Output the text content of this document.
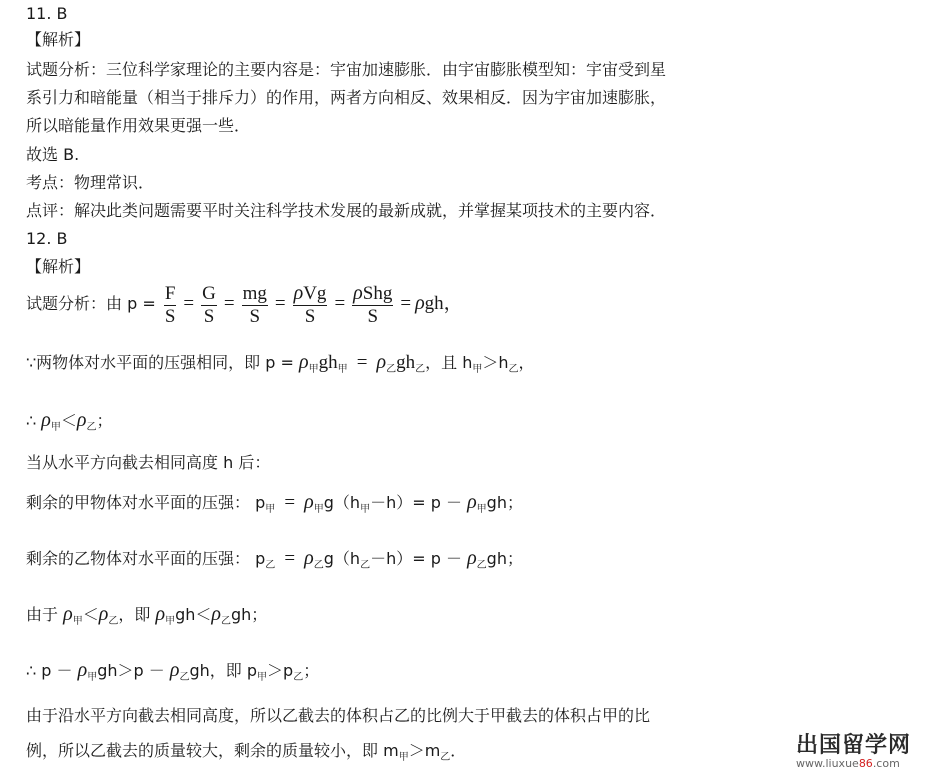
11. B
【解析】
试题分析：三位科学家理论的主要内容是：宇宙加速膨胀．由宇宙膨胀模型知：宇宙受到星
系引力和暗能量（相当于排斥力）的作用，两者方向相反、效果相反．因为宇宙加速膨胀，
所以暗能量作用效果更强一些．
故选 B.
考点：物理常识．
点评：解决此类问题需要平时关注科学技术发展的最新成就，并掌握某项技术的主要内容．
12. B
【解析】
试题分析：由 $p = \frac{F}{S} = \frac{G}{S} = \frac{mg}{S} = \frac{\text{ρVg}}{S} = \frac{\text{ρShg}}{S} = \rho gh$，
∵两物体对水平面的压强相同，即 $p = \rho_甲gh_甲 = \rho_乙gh_乙$，且 $h_甲>h_乙$，
∴ $\rho_甲<\rho_乙$；
当从水平方向截去相同高度 h 后：
剩余的甲物体对水平面的压强： $p_甲 = \rho_甲g(h_甲-h)= p - \rho_甲gh$；
剩余的乙物体对水平面的压强： $p_乙 = \rho_乙g(h_乙-h)= p - \rho_乙gh$；
由于 $\rho_甲<\rho_乙$，即 $\rho_甲gh<\rho_乙gh$；
∴ $p - \rho_甲gh>p - \rho_乙gh$，即 $p_甲>p_乙$；
由于沿水平方向截去相同高度，所以乙截去的体积占乙的比例大于甲截去的体积占甲的比
例，所以乙截去的质量较大，剩余的质量较小，即 $m_甲>m_乙$．	出国留学网
www.liuxue86.com
